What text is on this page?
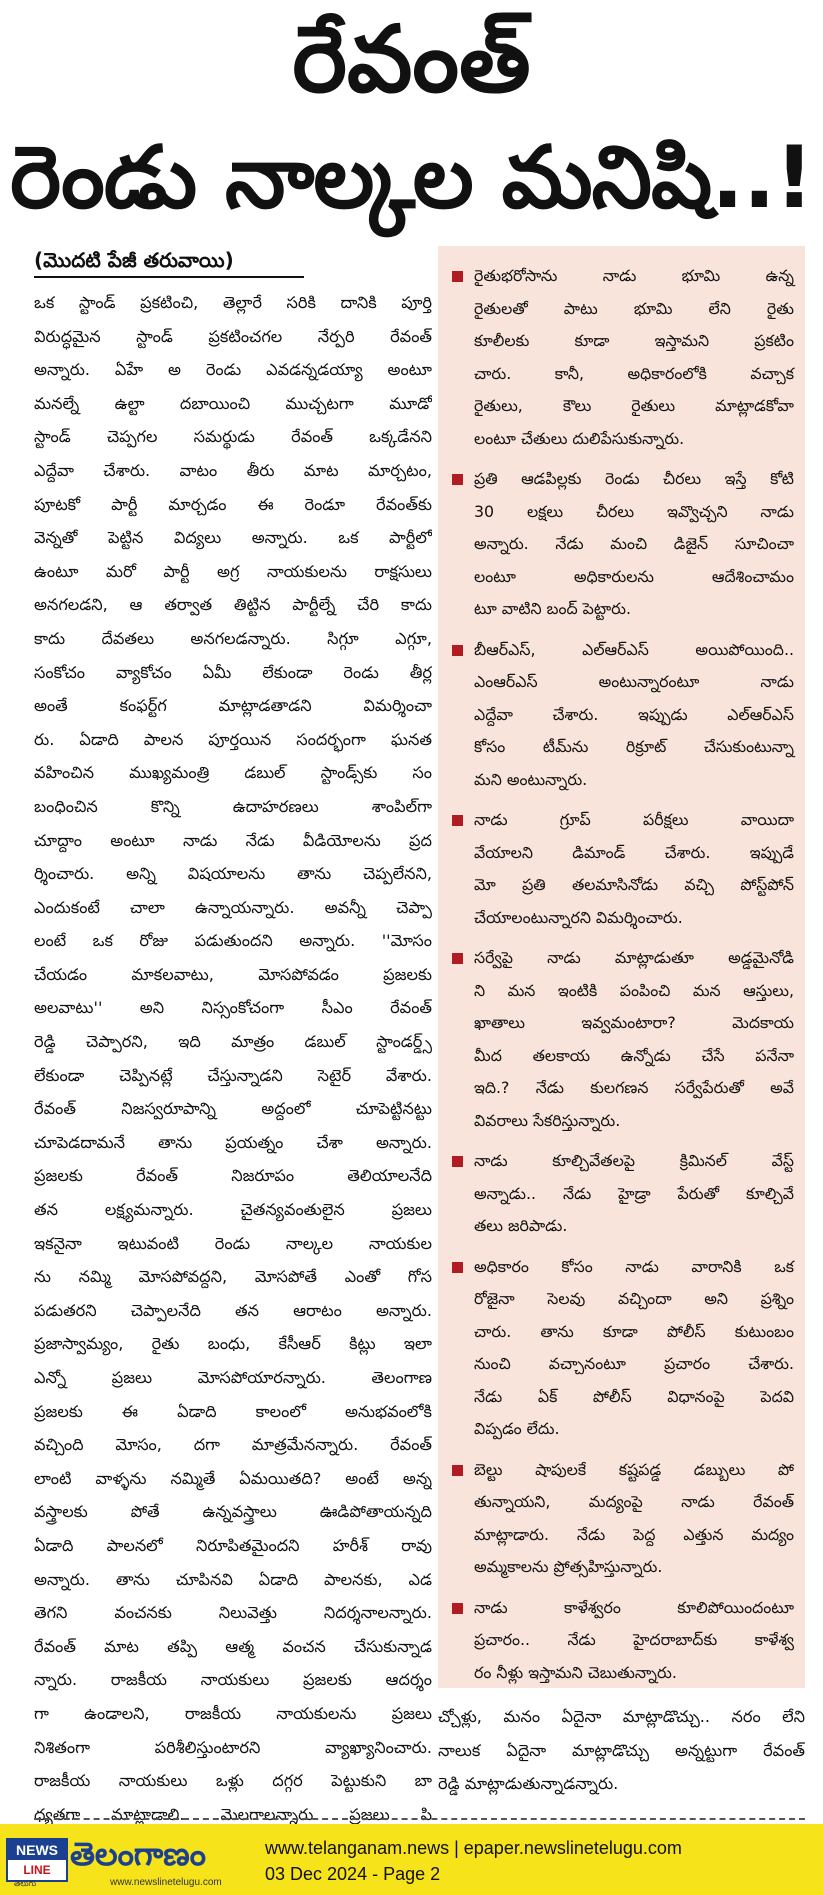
రేవంత్
రెండు నాల్కల మనిషి..!
(మొదటి పేజీ తరువాయి)

ఒక స్టాండ్ ప్రకటించి, తెల్లారే సరికి దానికి పూర్తి
విరుద్ధమైన స్టాండ్ ప్రకటించగల నేర్పరి రేవంత్
అన్నారు. ఏహే అ రెండు ఎవడన్నడయ్యా అంటూ
మనల్నే ఉల్టా దబాయించి ముచ్చటగా మూడో
స్టాండ్ చెప్పగల సమర్థుడు రేవంత్ ఒక్కడేనని
ఎద్దేవా చేశారు. వాటం తీరు మాట మార్చటం,
పూటకో పార్టీ మార్చడం ఈ రెండూ రేవంత్‌కు
వెన్నతో పెట్టిన విద్యలు అన్నారు. ఒక పార్టీలో
ఉంటూ మరో పార్టీ అగ్ర నాయకులను రాక్షసులు
అనగలడని, ఆ తర్వాత తిట్టిన పార్టీల్నే చేరి కాదు
కాదు దేవతలు అనగలడన్నారు. సిగ్గూ ఎగ్గూ,
సంకోచం వ్యాకోచం ఏమీ లేకుండా రెండు తీర్ల
అంతే కంఫర్ట్‌గ మాట్లాడతాడని విమర్శించా
రు. ఏడాది పాలన పూర్తయిన సందర్భంగా ఘనత
వహించిన ముఖ్యమంత్రి డబుల్ స్టాండ్స్‌కు సం
బంధించిన కొన్ని ఉదాహరణలు శాంపిల్‌గా
చూద్దాం అంటూ నాడు నేడు వీడియోలను ప్రద
ర్శించారు. అన్ని విషయాలను తాను చెప్పలేనని,
ఎందుకంటే చాలా ఉన్నాయన్నారు. అవన్నీ చెప్పా
లంటే ఒక రోజు పడుతుందని అన్నారు. ''మోసం
చేయడం మాకలవాటు, మోసపోవడం ప్రజలకు
అలవాటు'' అని నిస్సంకోచంగా సీఎం రేవంత్
రెడ్డి చెప్పారని, ఇది మాత్రం డబుల్ స్టాండర్డ్స్
లేకుండా చెప్పినట్లే చేస్తున్నాడని సెటైర్ వేశారు.
రేవంత్ నిజస్వరూపాన్ని అద్దంలో చూపెట్టినట్టు
చూపెడదామనే తాను ప్రయత్నం చేశా అన్నారు.
ప్రజలకు రేవంత్ నిజరూపం తెలియాలనేది
తన లక్ష్యమన్నారు. చైతన్యవంతులైన ప్రజలు
ఇకనైనా ఇటువంటి రెండు నాల్కల నాయకుల
ను నమ్మి మోసపోవద్దని, మోసపోతే ఎంతో గోస
పడుతరని చెప్పాలనేది తన ఆరాటం అన్నారు.
ప్రజాస్వామ్యం, రైతు బంధు, కేసీఆర్ కిట్లు ఇలా
ఎన్నో ప్రజలు మోసపోయారన్నారు. తెలంగాణ
ప్రజలకు ఈ ఏడాది కాలంలో అనుభవంలోకి
వచ్చింది మోసం, దగా మాత్రమేనన్నారు. రేవంత్
లాంటి వాళ్ళను నమ్మితే ఏమయితది? అంటే అన్న
వస్త్రాలకు పోతే ఉన్నవస్త్రాలు ఊడిపోతాయన్నది
ఏడాది పాలనలో నిరూపితమైందని హరీశ్ రావు
అన్నారు. తాను చూపినవి ఏడాది పాలనకు, ఎడ
తెగని వంచనకు నిలువెత్తు నిదర్శనాలన్నారు.
రేవంత్ మాట తప్పి ఆత్మ వంచన చేసుకున్నాడ
న్నారు. రాజకీయ నాయకులు ప్రజలకు ఆదర్శం
గా ఉండాలని, రాజకీయ నాయకులను ప్రజలు
నిశితంగా పరిశీలిస్తుంటారని వ్యాఖ్యానించారు.
రాజకీయ నాయకులు ఒళ్లు దగ్గర పెట్టుకుని బా
ధ్యతగా మాట్లాడాలి.. మెలగాలన్నారు. ప్రజలు పి

రైతుభరోసాను నాడు భూమి ఉన్న
రైతులతో పాటు భూమి లేని రైతు
కూలీలకు కూడా ఇస్తామని ప్రకటిం
చారు. కానీ, అధికారంలోకి వచ్చాక
రైతులు, కౌలు రైతులు మాట్లాడకోవా
లంటూ చేతులు దులిపేసుకున్నారు.
ప్రతి ఆడపిల్లకు రెండు చీరలు ఇస్తే కోటి
30 లక్షలు చీరలు ఇవ్వొచ్చని నాడు
అన్నారు. నేడు మంచి డిజైన్ సూచించా
లంటూ అధికారులను ఆదేశించామం
టూ వాటిని బంద్ పెట్టారు.
బీఆర్ఎస్, ఎల్ఆర్ఎస్ అయిపోయింది..
ఎంఆర్ఎస్ అంటున్నారంటూ నాడు
ఎద్దేవా చేశారు. ఇప్పుడు ఎల్ఆర్ఎస్
కోసం టీమ్‌ను రిక్రూట్ చేసుకుంటున్నా
మని అంటున్నారు.
నాడు గ్రూప్ పరీక్షలు వాయిదా
వేయాలని డిమాండ్ చేశారు. ఇప్పుడే
మో ప్రతి తలమాసినోడు వచ్చి పోస్ట్‌పోన్
చేయాలంటున్నారని విమర్శించారు.
సర్వేపై నాడు మాట్లాడుతూ అడ్డమైనోడి
ని మన ఇంటికి పంపించి మన ఆస్తులు,
ఖాతాలు ఇవ్వమంటారా? మెదకాయ
మీద తలకాయ ఉన్నోడు చేసే పనేనా
ఇది.? నేడు కులగణన సర్వేపేరుతో అవే
వివరాలు సేకరిస్తున్నారు.
నాడు కూల్చివేతలపై క్రిమినల్ వేస్ట్
అన్నాడు.. నేడు హైడ్రా పేరుతో కూల్చివే
తలు జరిపాడు.
అధికారం కోసం నాడు వారానికి ఒక
రోజైనా సెలవు వచ్చిందా అని ప్రశ్నిం
చారు. తాను కూడా పోలీస్ కుటుంబం
నుంచి వచ్చానంటూ ప్రచారం చేశారు.
నేడు ఏక్ పోలీస్ విధానంపై పెదవి
విప్పడం లేదు.
బెల్టు షాపులకే కష్టపడ్డ డబ్బులు పో
తున్నాయని, మద్యంపై నాడు రేవంత్
మాట్లాడారు. నేడు పెద్ద ఎత్తున మద్యం
అమ్మకాలను ప్రోత్సహిస్తున్నారు.
నాడు కాళేశ్వరం కూలిపోయిందంటూ
ప్రచారం.. నేడు హైదరాబాద్‌కు కాళేశ్వ
రం నీళ్లు ఇస్తామని చెబుతున్నారు.
చ్చోళ్లు, మనం ఏదైనా మాట్లాడొచ్చు.. నరం లేని
నాలుక ఏదైనా మాట్లాడొచ్చు అన్నట్టుగా రేవంత్
రెడ్డి మాట్లాడుతున్నాడన్నారు.
NEWS
LINE
తెలుగు
తెలంగాణం
www.newslinetelugu.com
www.telanganam.news | epaper.newslinetelugu.com
03 Dec 2024 - Page 2
